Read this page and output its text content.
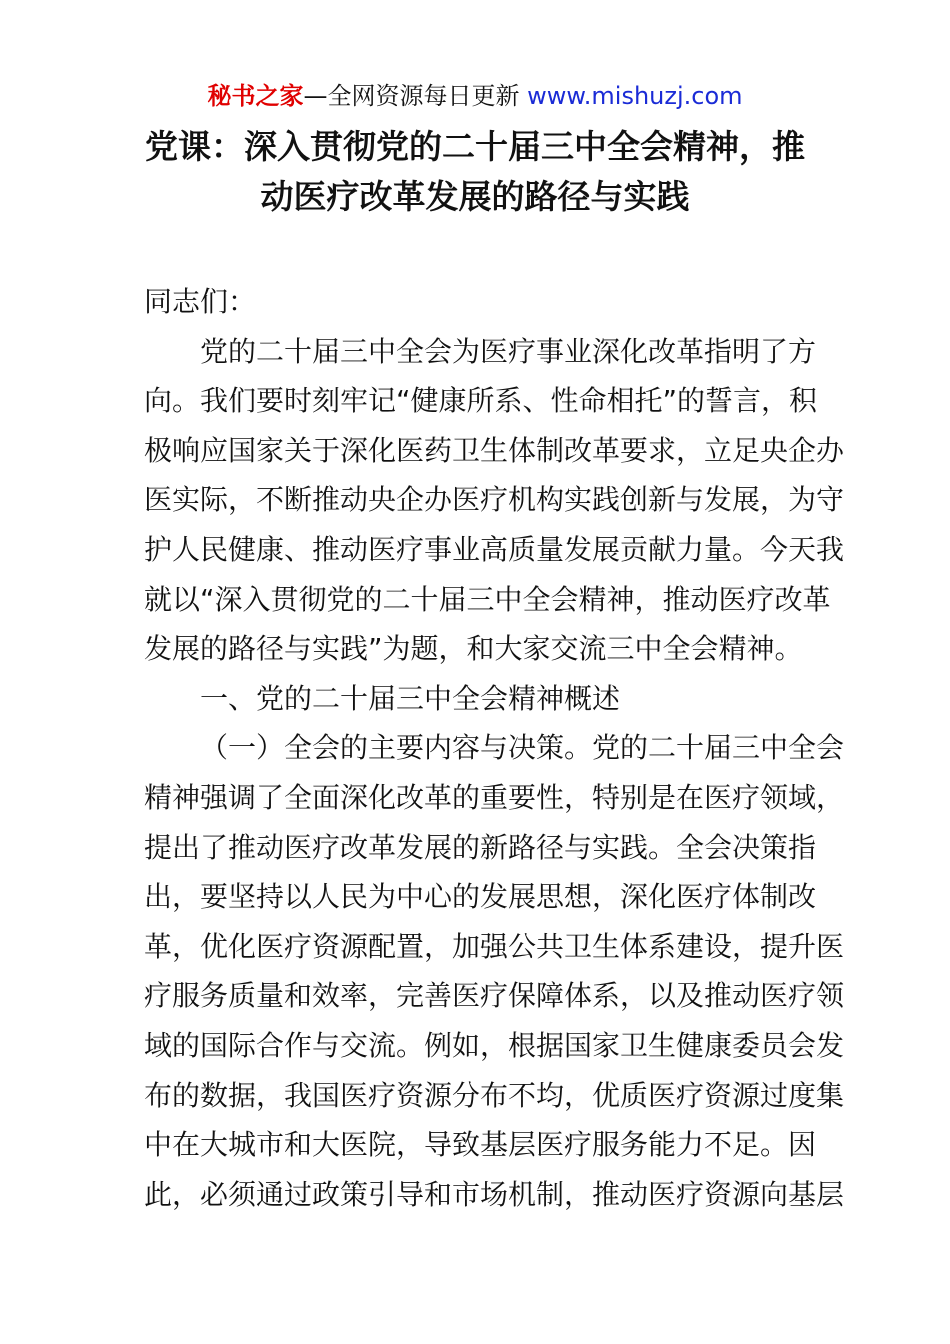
秘书之家—全网资源每日更新 www.mishuzj.com
党课：深入贯彻党的二十届三中全会精神，推
动医疗改革发展的路径与实践
同志们：
党的二十届三中全会为医疗事业深化改革指明了方
向。我们要时刻牢记“健康所系、性命相托”的誓言，积
极响应国家关于深化医药卫生体制改革要求，立足央企办
医实际，不断推动央企办医疗机构实践创新与发展，为守
护人民健康、推动医疗事业高质量发展贡献力量。今天我
就以“深入贯彻党的二十届三中全会精神，推动医疗改革
发展的路径与实践”为题，和大家交流三中全会精神。
一、党的二十届三中全会精神概述
（一）全会的主要内容与决策。党的二十届三中全会
精神强调了全面深化改革的重要性，特别是在医疗领域，
提出了推动医疗改革发展的新路径与实践。全会决策指
出，要坚持以人民为中心的发展思想，深化医疗体制改
革，优化医疗资源配置，加强公共卫生体系建设，提升医
疗服务质量和效率，完善医疗保障体系，以及推动医疗领
域的国际合作与交流。例如，根据国家卫生健康委员会发
布的数据，我国医疗资源分布不均，优质医疗资源过度集
中在大城市和大医院，导致基层医疗服务能力不足。因
此，必须通过政策引导和市场机制，推动医疗资源向基层
